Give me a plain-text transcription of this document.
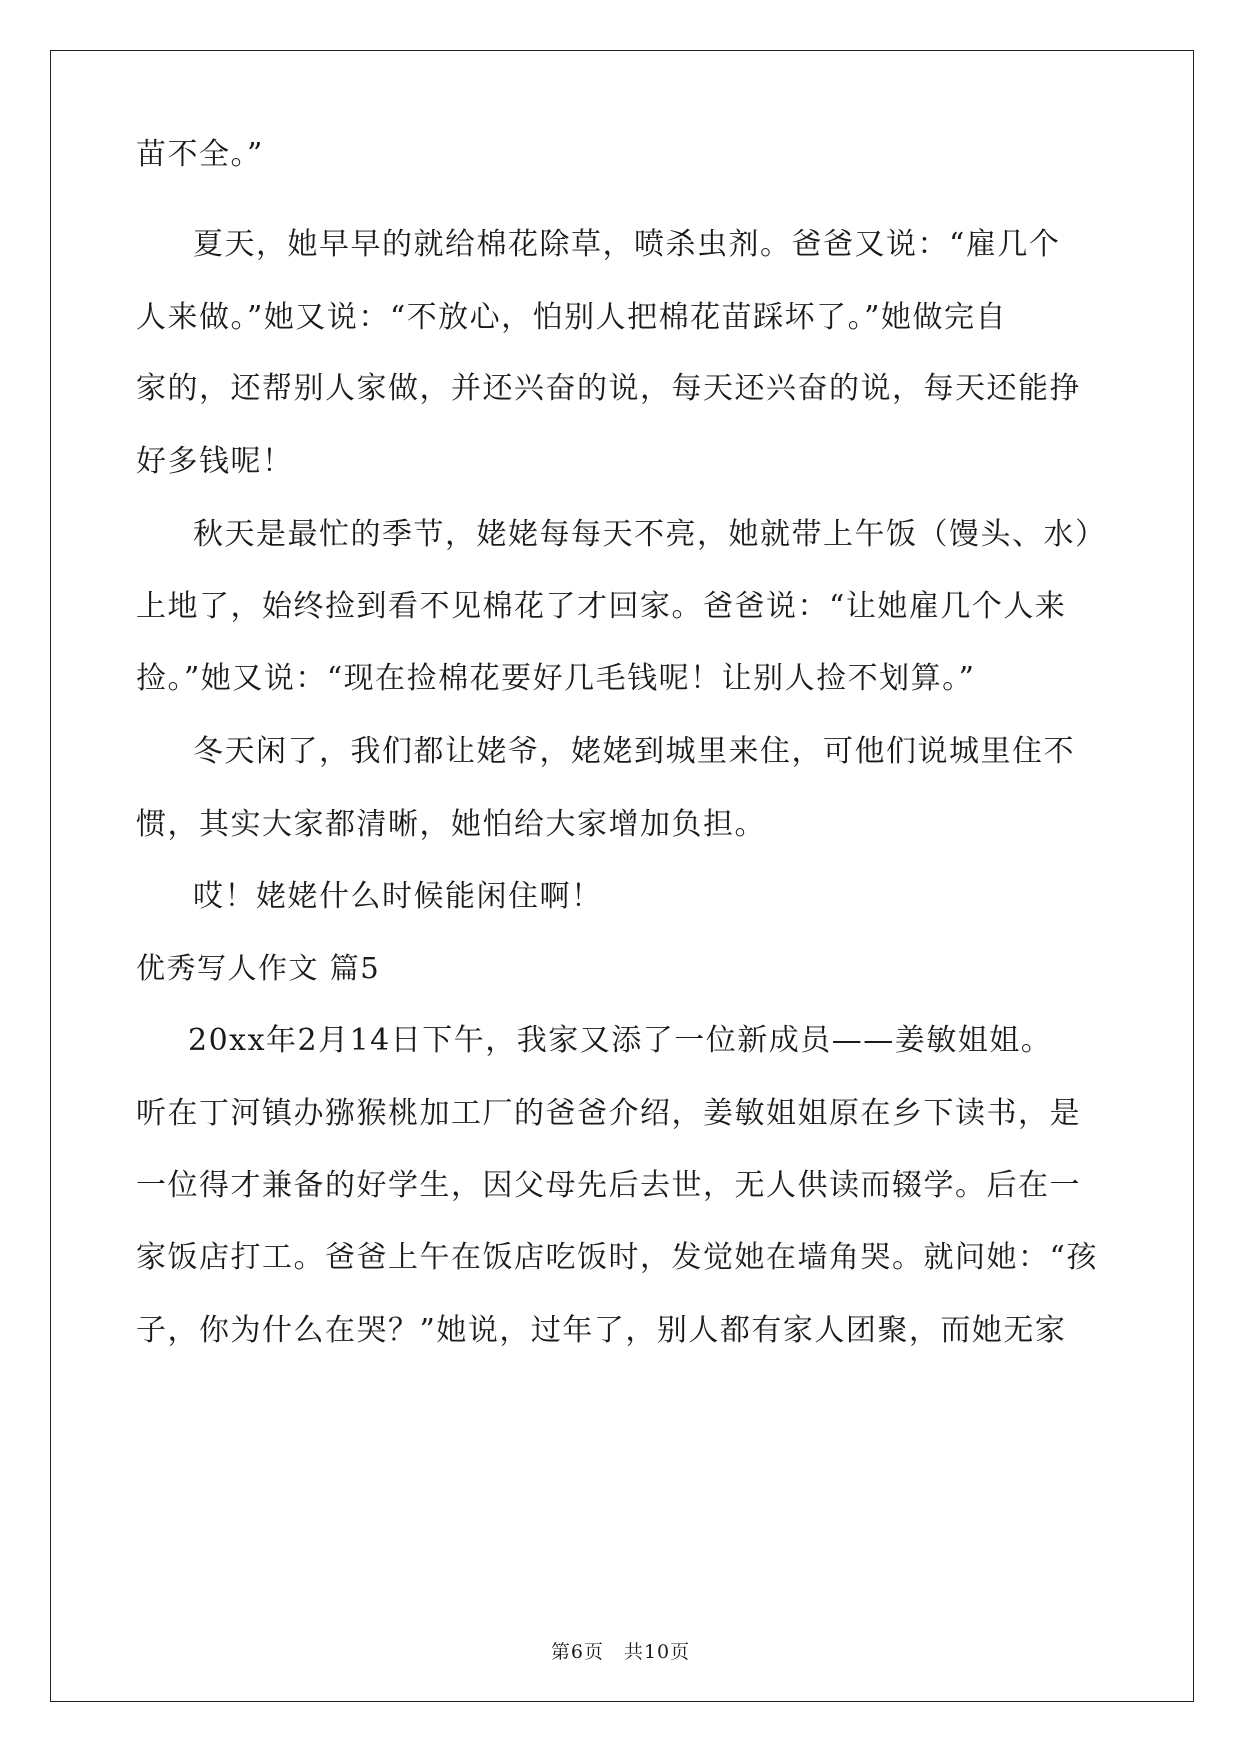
苗不全。”
夏天，她早早的就给棉花除草，喷杀虫剂。爸爸又说：“雇几个
人来做。”她又说：“不放心，怕别人把棉花苗踩坏了。”她做完自
家的，还帮别人家做，并还兴奋的说，每天还兴奋的说，每天还能挣
好多钱呢！
秋天是最忙的季节，姥姥每每天不亮，她就带上午饭（馒头、水）
上地了，始终捡到看不见棉花了才回家。爸爸说：“让她雇几个人来
捡。”她又说：“现在捡棉花要好几毛钱呢！让别人捡不划算。”
冬天闲了，我们都让姥爷，姥姥到城里来住，可他们说城里住不
惯，其实大家都清晰，她怕给大家增加负担。
哎！姥姥什么时候能闲住啊！
优秀写人作文 篇5
20xx年2月14日下午，我家又添了一位新成员——姜敏姐姐。
听在丁河镇办猕猴桃加工厂的爸爸介绍，姜敏姐姐原在乡下读书，是
一位得才兼备的好学生，因父母先后去世，无人供读而辍学。后在一
家饭店打工。爸爸上午在饭店吃饭时，发觉她在墙角哭。就问她：“孩
子，你为什么在哭？”她说，过年了，别人都有家人团聚，而她无家
第6页　共10页
